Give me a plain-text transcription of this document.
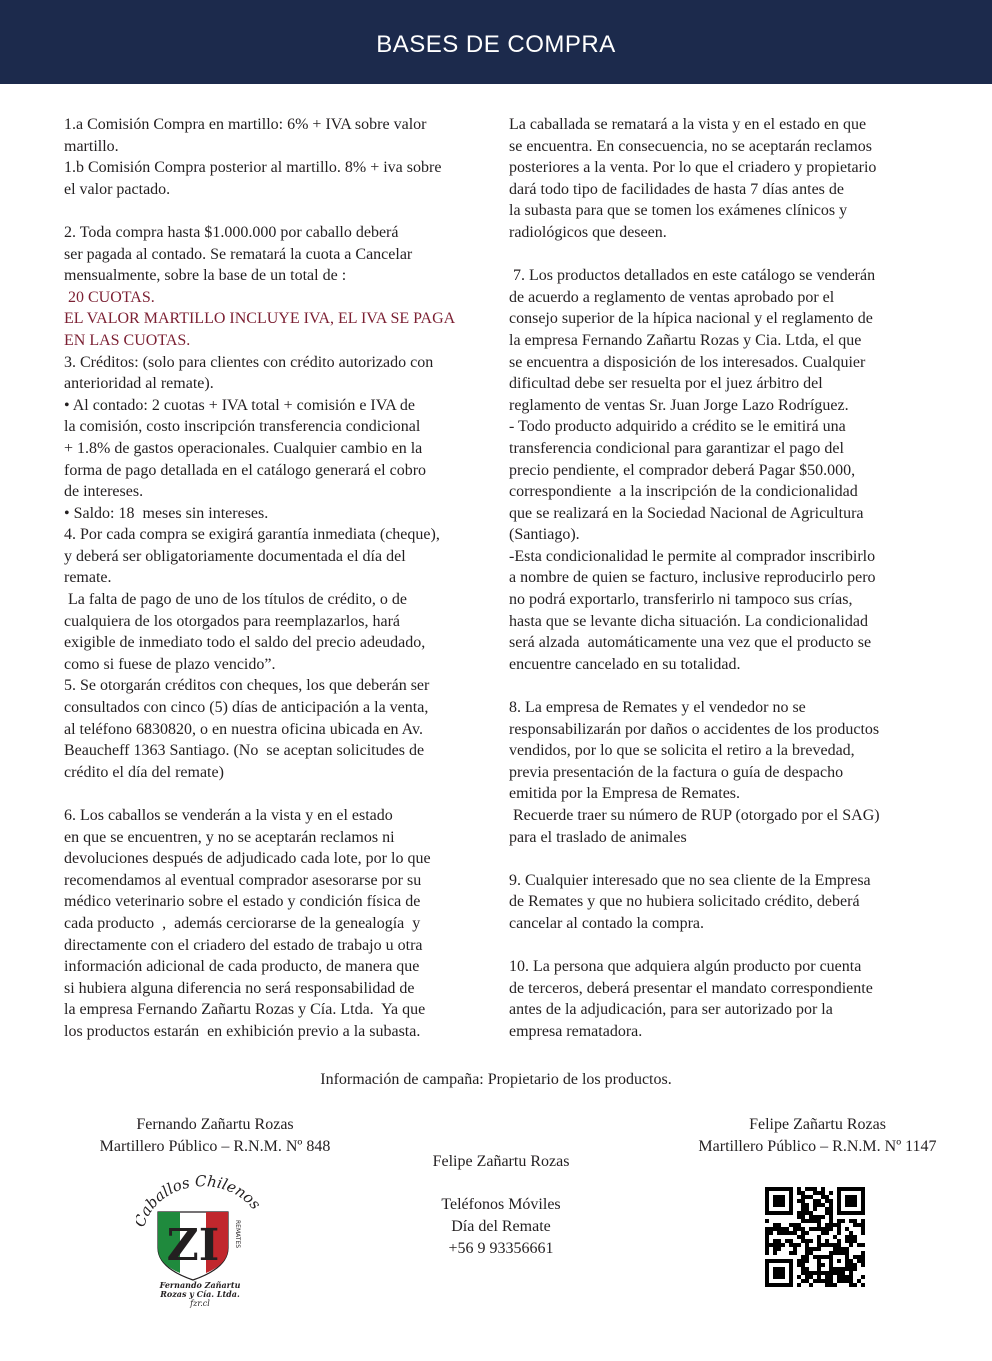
BASES DE COMPRA
1.a Comisión Compra en martillo: 6% + IVA sobre valor
martillo.
1.b Comisión Compra posterior al martillo. 8% + iva sobre
el valor pactado.
2. Toda compra hasta $1.000.000 por caballo deberá
ser pagada al contado. Se rematará la cuota a Cancelar
mensualmente, sobre la base de un total de :
20 CUOTAS.
EL VALOR MARTILLO INCLUYE IVA, EL IVA SE PAGA
EN LAS CUOTAS.
3. Créditos: (solo para clientes con crédito autorizado con
anterioridad al remate).
• Al contado: 2 cuotas + IVA total + comisión e IVA de
la comisión, costo inscripción transferencia condicional
+ 1.8% de gastos operacionales. Cualquier cambio en la
forma de pago detallada en el catálogo generará el cobro
de intereses.
• Saldo: 18  meses sin intereses.
4. Por cada compra se exigirá garantía inmediata (cheque),
y deberá ser obligatoriamente documentada el día del
remate.
La falta de pago de uno de los títulos de crédito, o de
cualquiera de los otorgados para reemplazarlos, hará
exigible de inmediato todo el saldo del precio adeudado,
como si fuese de plazo vencido”.
5. Se otorgarán créditos con cheques, los que deberán ser
consultados con cinco (5) días de anticipación a la venta,
al teléfono 6830820, o en nuestra oficina ubicada en Av.
Beaucheff 1363 Santiago. (No  se aceptan solicitudes de
crédito el día del remate)
6. Los caballos se venderán a la vista y en el estado
en que se encuentren, y no se aceptarán reclamos ni
devoluciones después de adjudicado cada lote, por lo que
recomendamos al eventual comprador asesorarse por su
médico veterinario sobre el estado y condición física de
cada producto  ,  además cerciorarse de la genealogía  y
directamente con el criadero del estado de trabajo u otra
información adicional de cada producto, de manera que
si hubiera alguna diferencia no será responsabilidad de
la empresa Fernando Zañartu Rozas y Cía. Ltda.  Ya que
los productos estarán  en exhibición previo a la subasta.
La caballada se rematará a la vista y en el estado en que
se encuentra. En consecuencia, no se aceptarán reclamos
posteriores a la venta. Por lo que el criadero y propietario
dará todo tipo de facilidades de hasta 7 días antes de
la subasta para que se tomen los exámenes clínicos y
radiológicos que deseen.
7. Los productos detallados en este catálogo se venderán
de acuerdo a reglamento de ventas aprobado por el
consejo superior de la hípica nacional y el reglamento de
la empresa Fernando Zañartu Rozas y Cia. Ltda, el que
se encuentra a disposición de los interesados. Cualquier
dificultad debe ser resuelta por el juez árbitro del
reglamento de ventas Sr. Juan Jorge Lazo Rodríguez.
- Todo producto adquirido a crédito se le emitirá una
transferencia condicional para garantizar el pago del
precio pendiente, el comprador deberá Pagar $50.000,
correspondiente  a la inscripción de la condicionalidad
que se realizará en la Sociedad Nacional de Agricultura
(Santiago).
-Esta condicionalidad le permite al comprador inscribirlo
a nombre de quien se facturo, inclusive reproducirlo pero
no podrá exportarlo, transferirlo ni tampoco sus crías,
hasta que se levante dicha situación. La condicionalidad
será alzada  automáticamente una vez que el producto se
encuentre cancelado en su totalidad.
8. La empresa de Remates y el vendedor no se
responsabilizarán por daños o accidentes de los productos
vendidos, por lo que se solicita el retiro a la brevedad,
previa presentación de la factura o guía de despacho
emitida por la Empresa de Remates.
Recuerde traer su número de RUP (otorgado por el SAG)
para el traslado de animales
9. Cualquier interesado que no sea cliente de la Empresa
de Remates y que no hubiera solicitado crédito, deberá
cancelar al contado la compra.
10. La persona que adquiera algún producto por cuenta
de terceros, deberá presentar el mandato correspondiente
antes de la adjudicación, para ser autorizado por la
empresa rematadora.
Información de campaña: Propietario de los productos.
Fernando Zañartu Rozas
Martillero Público – R.N.M. Nº 848
Felipe Zañartu Rozas
Martillero Público – R.N.M. Nº 1147
Felipe Zañartu Rozas
Teléfonos Móviles
Día del Remate
+56 9 93356661
aballos Chilenos
ZI REMATES
Fernando Zañartu
Rozas y Cía. Ltda.
fzr.cl
